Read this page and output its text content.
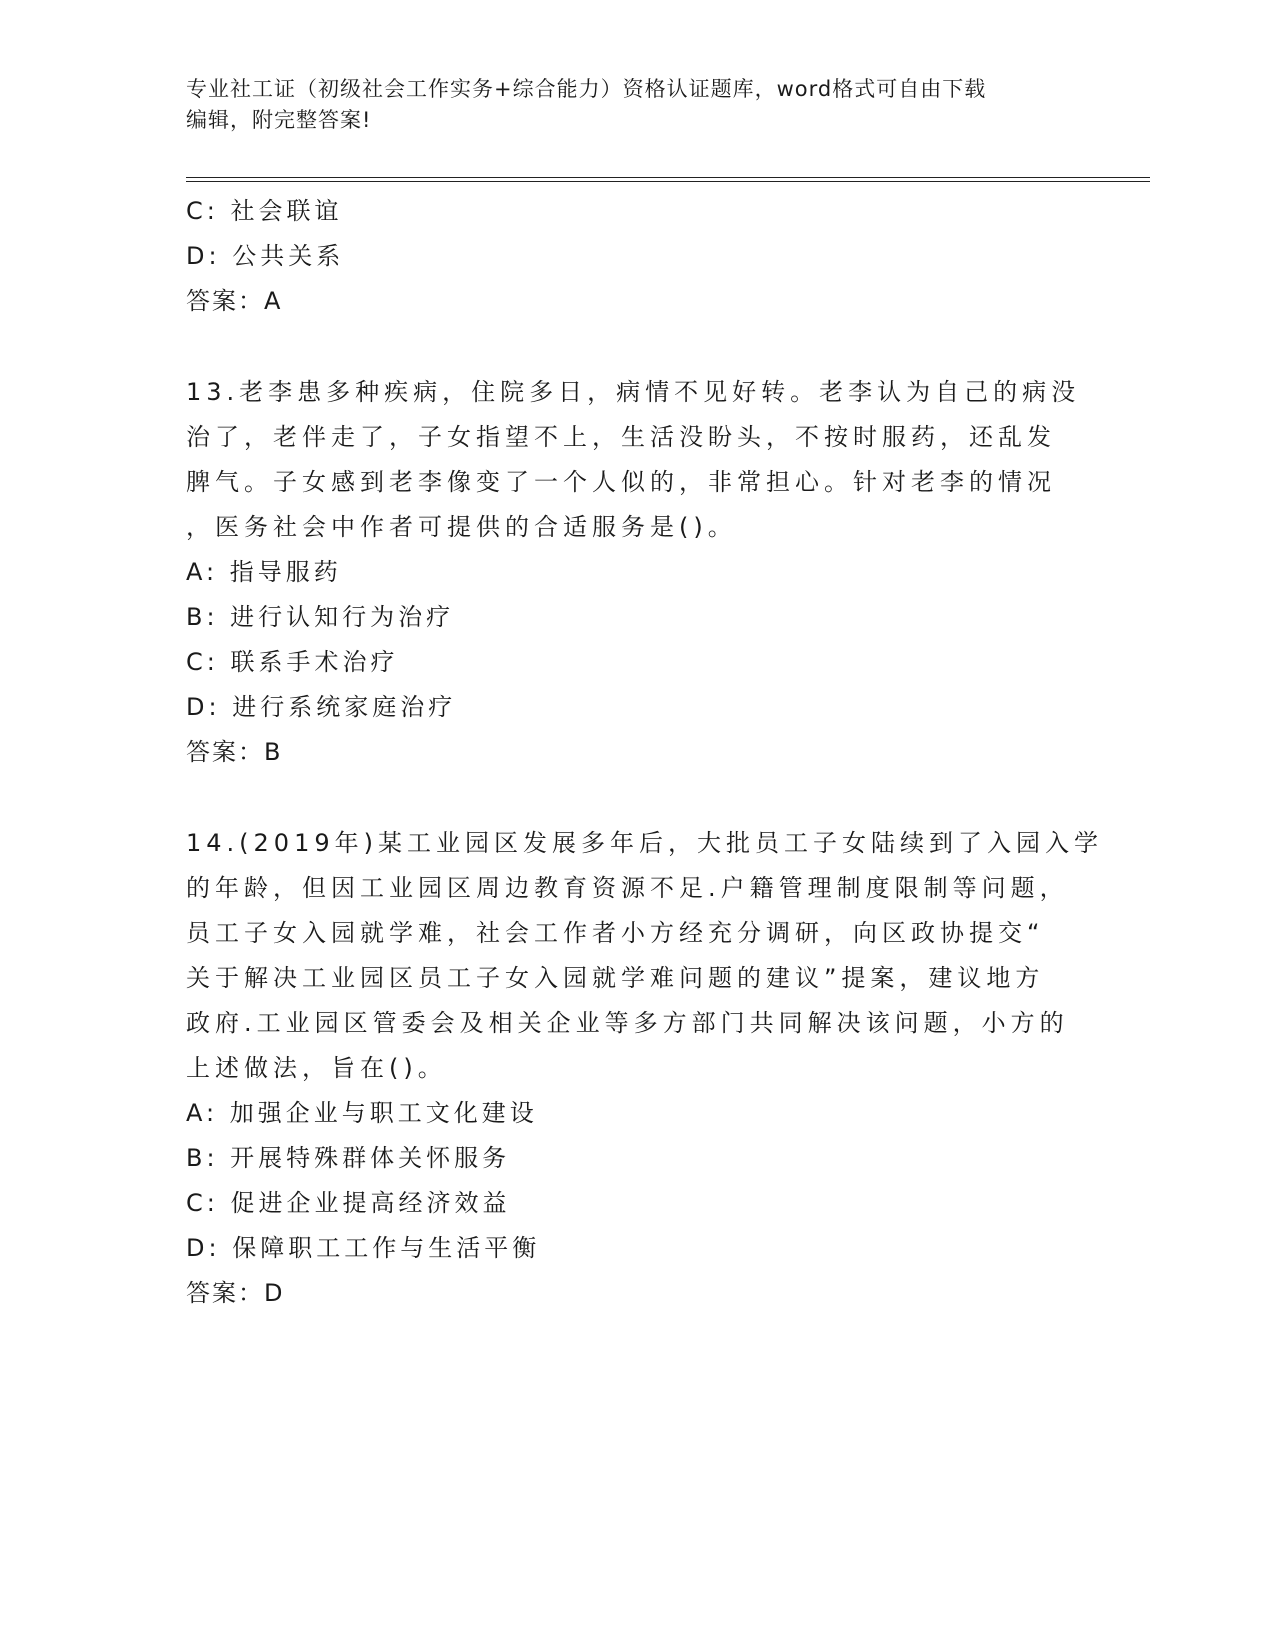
专业社工证（初级社会工作实务+综合能力）资格认证题库，word格式可自由下载
编辑，附完整答案!
C: 社会联谊
D: 公共关系
答案：A
13.老李患多种疾病，住院多日，病情不见好转。老李认为自己的病没
治了，老伴走了，子女指望不上，生活没盼头，不按时服药，还乱发
脾气。子女感到老李像变了一个人似的，非常担心。针对老李的情况
，医务社会中作者可提供的合适服务是()。
A: 指导服药
B: 进行认知行为治疗
C: 联系手术治疗
D: 进行系统家庭治疗
答案：B
14.(2019年)某工业园区发展多年后，大批员工子女陆续到了入园入学
的年龄，但因工业园区周边教育资源不足.户籍管理制度限制等问题，
员工子女入园就学难，社会工作者小方经充分调研，向区政协提交“
关于解决工业园区员工子女入园就学难问题的建议”提案，建议地方
政府.工业园区管委会及相关企业等多方部门共同解决该问题，小方的
上述做法，旨在()。
A: 加强企业与职工文化建设
B: 开展特殊群体关怀服务
C: 促进企业提高经济效益
D: 保障职工工作与生活平衡
答案：D
